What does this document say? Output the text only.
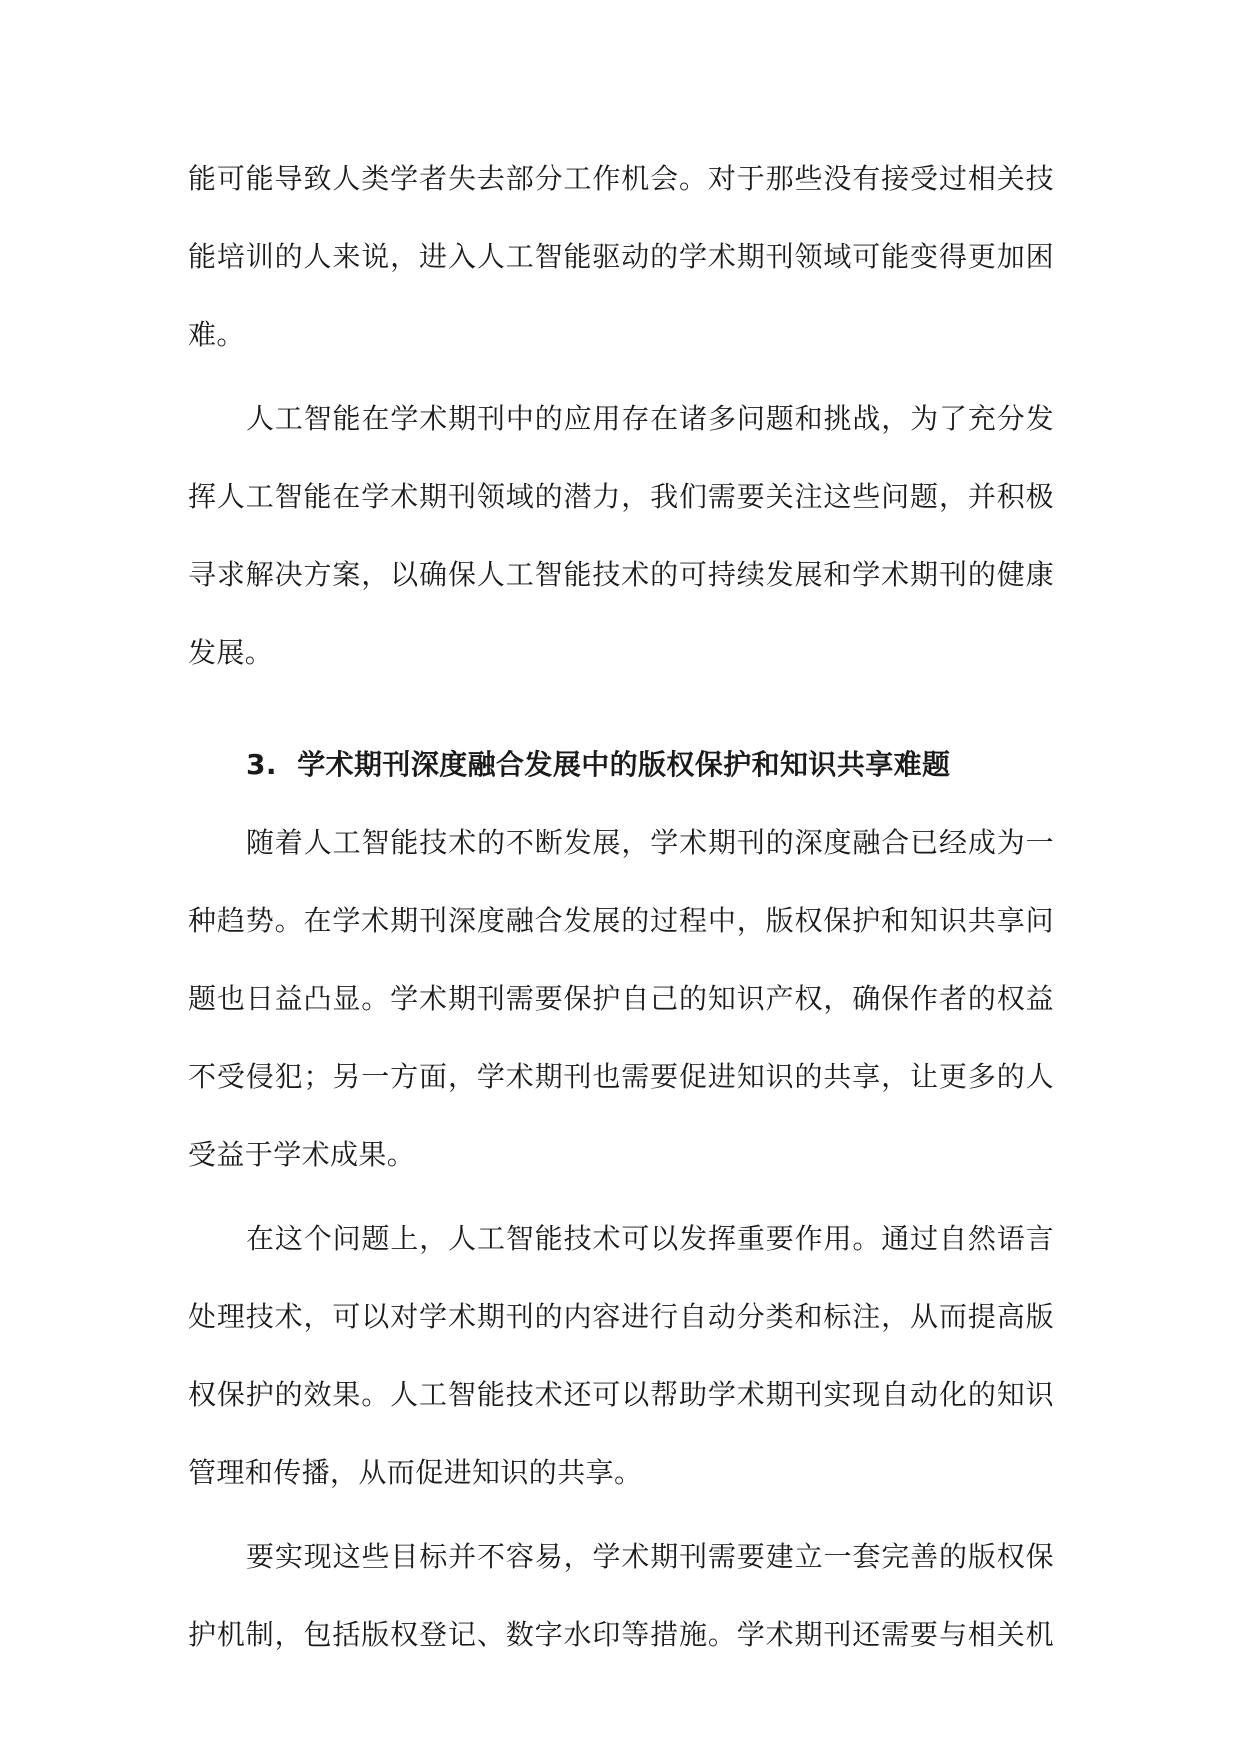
能可能导致人类学者失去部分工作机会。对于那些没有接受过相关技
能培训的人来说，进入人工智能驱动的学术期刊领域可能变得更加困
难。
人工智能在学术期刊中的应用存在诸多问题和挑战，为了充分发
挥人工智能在学术期刊领域的潜力，我们需要关注这些问题，并积极
寻求解决方案，以确保人工智能技术的可持续发展和学术期刊的健康
发展。
3. 学术期刊深度融合发展中的版权保护和知识共享难题
随着人工智能技术的不断发展，学术期刊的深度融合已经成为一
种趋势。在学术期刊深度融合发展的过程中，版权保护和知识共享问
题也日益凸显。学术期刊需要保护自己的知识产权，确保作者的权益
不受侵犯；另一方面，学术期刊也需要促进知识的共享，让更多的人
受益于学术成果。
在这个问题上，人工智能技术可以发挥重要作用。通过自然语言
处理技术，可以对学术期刊的内容进行自动分类和标注，从而提高版
权保护的效果。人工智能技术还可以帮助学术期刊实现自动化的知识
管理和传播，从而促进知识的共享。
要实现这些目标并不容易，学术期刊需要建立一套完善的版权保
护机制，包括版权登记、数字水印等措施。学术期刊还需要与相关机
